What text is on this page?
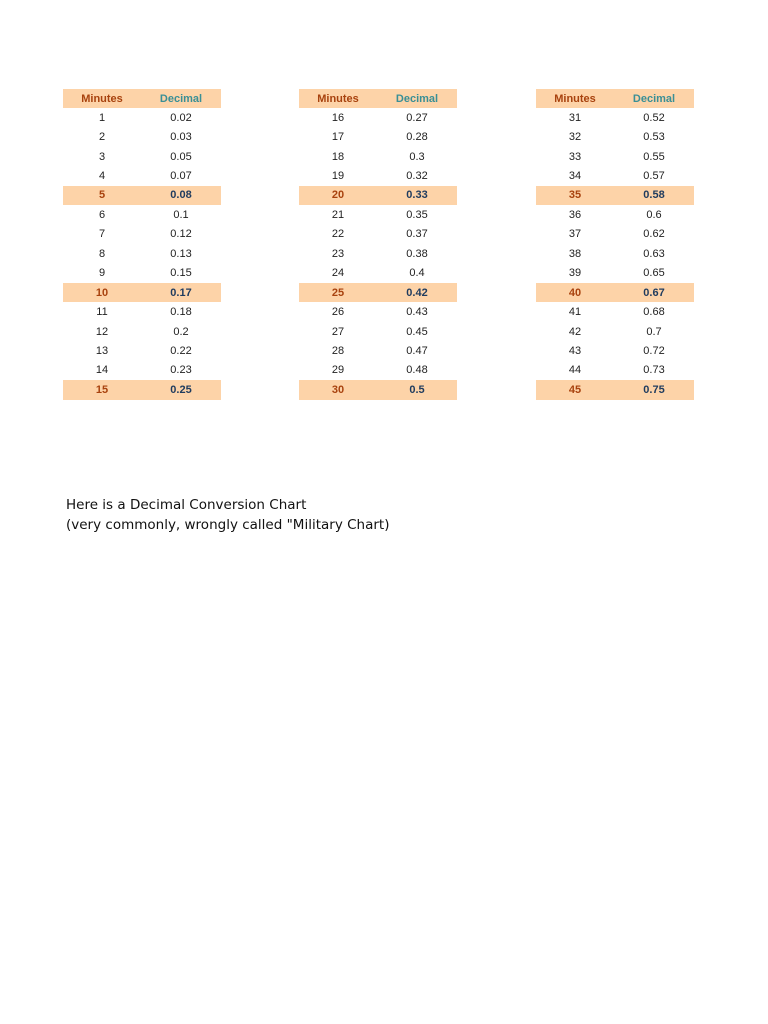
Minutes	Decimal
1	0.02
2	0.03
3	0.05
4	0.07
5	0.08
6	0.1
7	0.12
8	0.13
9	0.15
10	0.17
11	0.18
12	0.2
13	0.22
14	0.23
15	0.25
Minutes	Decimal
16	0.27
17	0.28
18	0.3
19	0.32
20	0.33
21	0.35
22	0.37
23	0.38
24	0.4
25	0.42
26	0.43
27	0.45
28	0.47
29	0.48
30	0.5
Minutes	Decimal
31	0.52
32	0.53
33	0.55
34	0.57
35	0.58
36	0.6
37	0.62
38	0.63
39	0.65
40	0.67
41	0.68
42	0.7
43	0.72
44	0.73
45	0.75
Here is a Decimal Conversion Chart
(very commonly, wrongly called "Military Chart)
